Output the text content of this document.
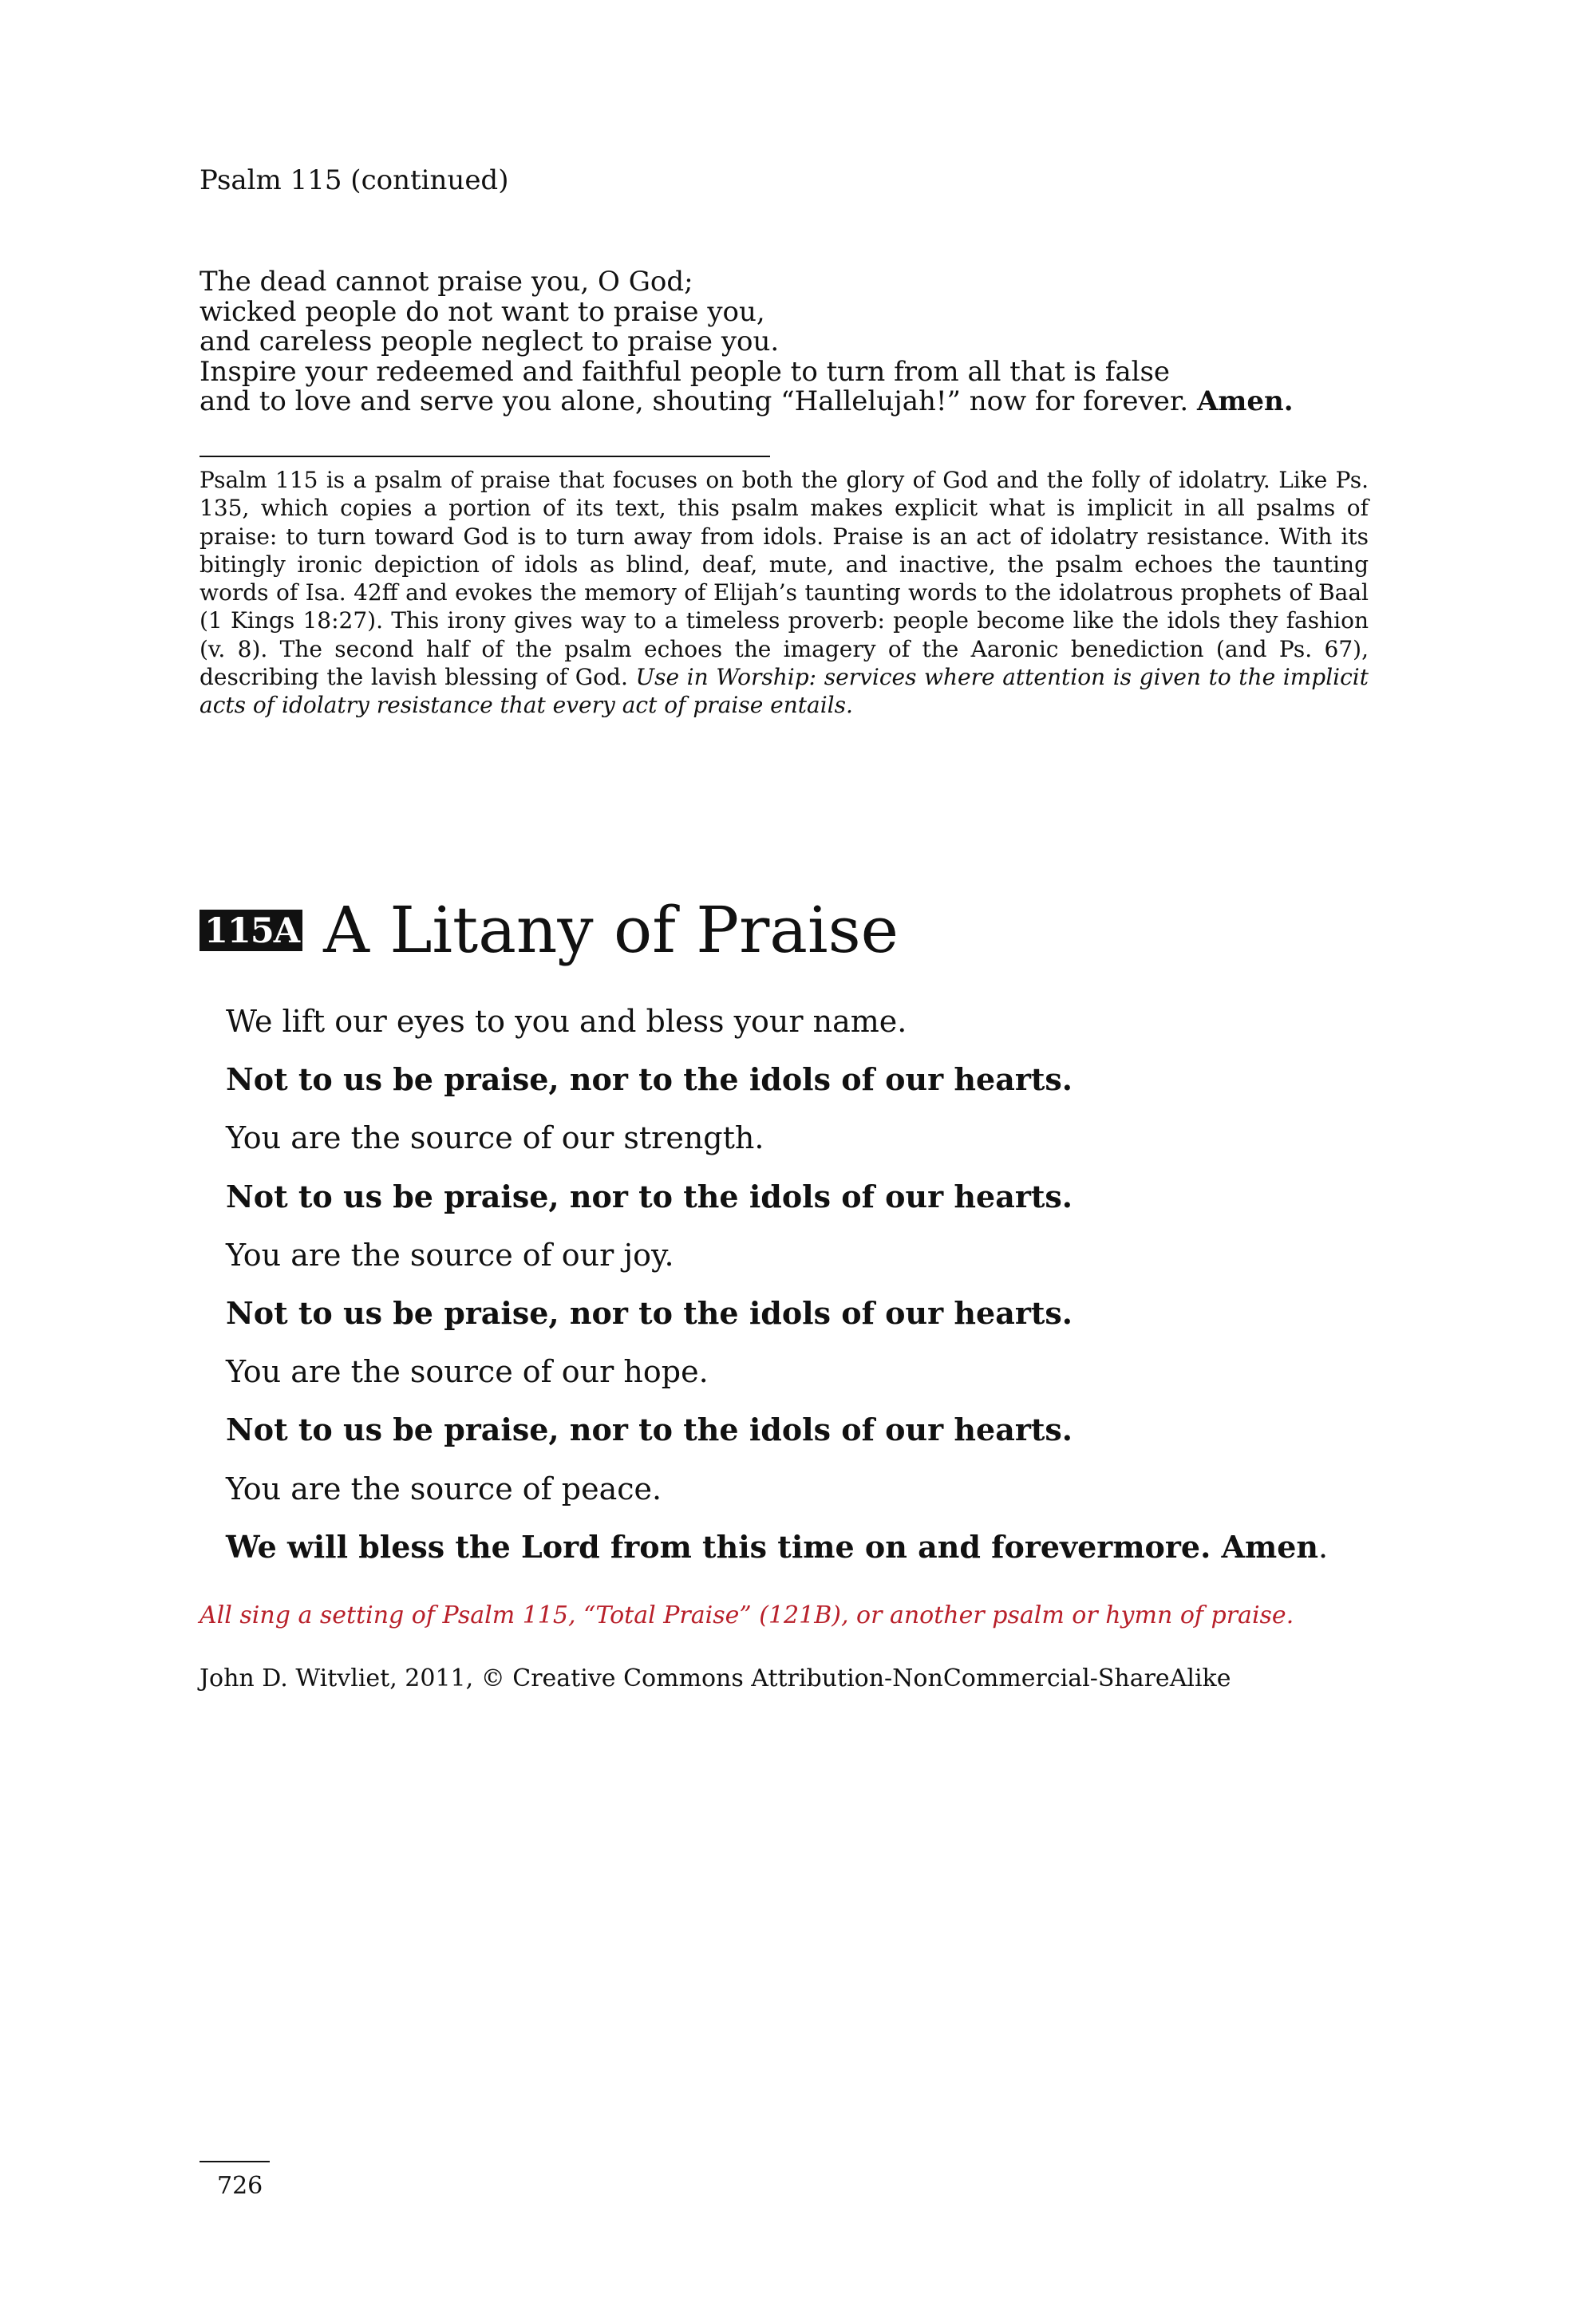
Psalm 115 (continued)
The dead cannot praise you, O God;
wicked people do not want to praise you,
and careless people neglect to praise you.
Inspire your redeemed and faithful people to turn from all that is false
and to love and serve you alone, shouting “Hallelujah!” now for forever. Amen.
Psalm 115 is a psalm of praise that focuses on both the glory of God and the folly of idolatry. Like Ps. 135, which copies a portion of its text, this psalm makes explicit what is implicit in all psalms of praise: to turn toward God is to turn away from idols. Praise is an act of idolatry resistance. With its bitingly ironic depiction of idols as blind, deaf, mute, and inactive, the psalm echoes the taunting words of Isa. 42ff and evokes the memory of Elijah’s taunting words to the idolatrous prophets of Baal (1 Kings 18:27). This irony gives way to a timeless proverb: people become like the idols they fashion (v. 8). The second half of the psalm echoes the imagery of the Aaronic benediction (and Ps. 67), describing the lavish blessing of God. Use in Worship: services where attention is given to the implicit acts of idolatry resistance that every act of praise entails.
115A A Litany of Praise
We lift our eyes to you and bless your name.
Not to us be praise, nor to the idols of our hearts.
You are the source of our strength.
Not to us be praise, nor to the idols of our hearts.
You are the source of our joy.
Not to us be praise, nor to the idols of our hearts.
You are the source of our hope.
Not to us be praise, nor to the idols of our hearts.
You are the source of peace.
We will bless the Lord from this time on and forevermore. Amen.
All sing a setting of Psalm 115, “Total Praise” (121B), or another psalm or hymn of praise.
John D. Witvliet, 2011, © Creative Commons Attribution-NonCommercial-ShareAlike
726
